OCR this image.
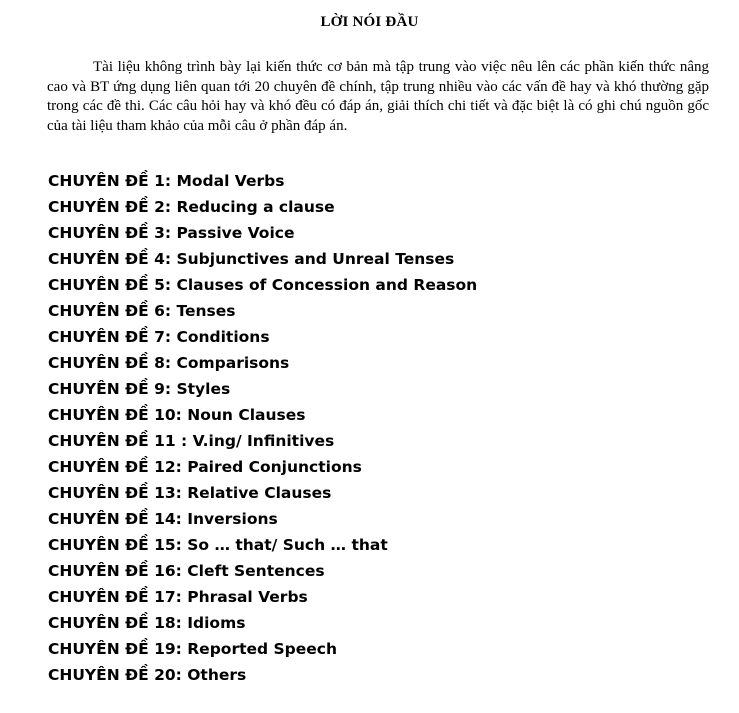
LỜI NÓI ĐẦU

Tài liệu không trình bày lại kiến thức cơ bản mà tập trung vào việc nêu lên các phần kiến thức nâng cao và BT ứng dụng liên quan tới 20 chuyên đề chính, tập trung nhiều vào các vấn đề hay và khó thường gặp trong các đề thi. Các câu hỏi hay và khó đều có đáp án, giải thích chi tiết và đặc biệt là có ghi chú nguồn gốc của tài liệu tham khảo của mỗi câu ở phần đáp án.

CHUYÊN ĐỀ 1: Modal Verbs
CHUYÊN ĐỀ 2: Reducing a clause
CHUYÊN ĐỀ 3: Passive Voice
CHUYÊN ĐỀ 4: Subjunctives and Unreal Tenses
CHUYÊN ĐỀ 5: Clauses of Concession and Reason
CHUYÊN ĐỀ 6: Tenses
CHUYÊN ĐỀ 7: Conditions
CHUYÊN ĐỀ 8: Comparisons
CHUYÊN ĐỀ 9: Styles
CHUYÊN ĐỀ 10: Noun Clauses
CHUYÊN ĐỀ 11 : V.ing/ Infinitives
CHUYÊN ĐỀ 12: Paired Conjunctions
CHUYÊN ĐỀ 13: Relative Clauses
CHUYÊN ĐỀ 14: Inversions
CHUYÊN ĐỀ 15: So … that/ Such … that
CHUYÊN ĐỀ 16: Cleft Sentences
CHUYÊN ĐỀ 17: Phrasal Verbs
CHUYÊN ĐỀ 18: Idioms
CHUYÊN ĐỀ 19: Reported Speech
CHUYÊN ĐỀ 20: Others
